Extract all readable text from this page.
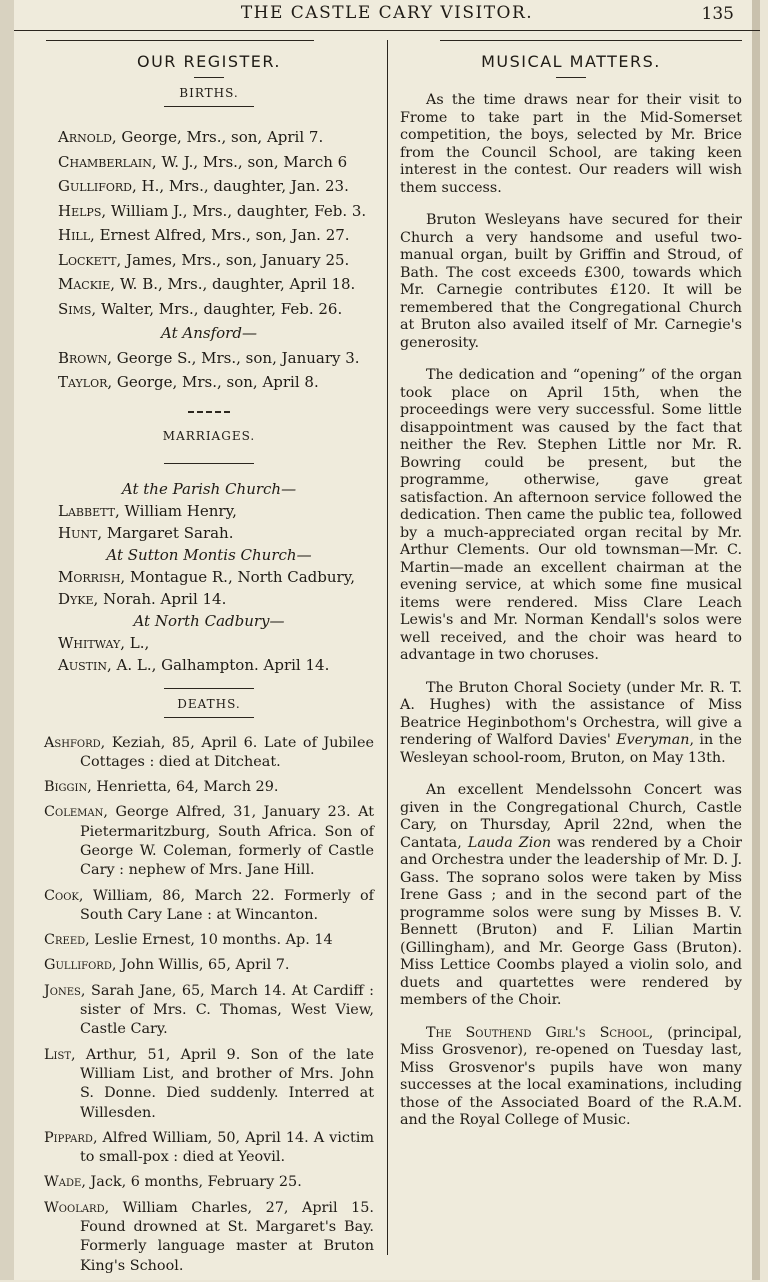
THE CASTLE CARY VISITOR.	135
OUR REGISTER.
BIRTHS.
Arnold, George, Mrs., son, April 7.
Chamberlain, W. J., Mrs., son, March 6
Gulliford, H., Mrs., daughter, Jan. 23.
Helps, William J., Mrs., daughter, Feb. 3.
Hill, Ernest Alfred, Mrs., son, Jan. 27.
Lockett, James, Mrs., son, January 25.
Mackie, W. B., Mrs., daughter, April 18.
Sims, Walter, Mrs., daughter, Feb. 26.
At Ansford—
Brown, George S., Mrs., son, January 3.
Taylor, George, Mrs., son, April 8.
MARRIAGES.
At the Parish Church—
Labbett, William Henry,
Hunt, Margaret Sarah.
At Sutton Montis Church—
Morrish, Montague R., North Cadbury,
Dyke, Norah. April 14.
At North Cadbury—
Whitway, L.,
Austin, A. L., Galhampton. April 14.
DEATHS.
Ashford, Keziah, 85, April 6. Late of Jubilee Cottages : died at Ditcheat.
Biggin, Henrietta, 64, March 29.
Coleman, George Alfred, 31, January 23. At Pietermaritzburg, South Africa. Son of George W. Coleman, formerly of Castle Cary : nephew of Mrs. Jane Hill.
Cook, William, 86, March 22. Formerly of South Cary Lane : at Wincanton.
Creed, Leslie Ernest, 10 months. Ap. 14
Gulliford, John Willis, 65, April 7.
Jones, Sarah Jane, 65, March 14. At Cardiff : sister of Mrs. C. Thomas, West View, Castle Cary.
List, Arthur, 51, April 9. Son of the late William List, and brother of Mrs. John S. Donne. Died suddenly. Interred at Willesden.
Pippard, Alfred William, 50, April 14. A victim to small-pox : died at Yeovil.
Wade, Jack, 6 months, February 25.
Woolard, William Charles, 27, April 15. Found drowned at St. Margaret's Bay. Formerly language master at Bruton King's School.
MUSICAL MATTERS.

As the time draws near for their visit to Frome to take part in the Mid-Somerset competition, the boys, selected by Mr. Brice from the Council School, are taking keen interest in the contest. Our readers will wish them success.

Bruton Wesleyans have secured for their Church a very handsome and useful two-manual organ, built by Griffin and Stroud, of Bath. The cost exceeds £300, towards which Mr. Carnegie contributes £120. It will be remembered that the Congregational Church at Bruton also availed itself of Mr. Carnegie's generosity.

The dedication and “opening” of the organ took place on April 15th, when the proceedings were very successful. Some little disappointment was caused by the fact that neither the Rev. Stephen Little nor Mr. R. Bowring could be present, but the programme, otherwise, gave great satisfaction. An afternoon service followed the dedication. Then came the public tea, followed by a much-appreciated organ recital by Mr. Arthur Clements. Our old townsman—Mr. C. Martin—made an excellent chairman at the evening service, at which some fine musical items were rendered. Miss Clare Leach Lewis's and Mr. Norman Kendall's solos were well received, and the choir was heard to advantage in two choruses.

The Bruton Choral Society (under Mr. R. T. A. Hughes) with the assistance of Miss Beatrice Heginbothom's Orchestra, will give a rendering of Walford Davies' Everyman, in the Wesleyan school-room, Bruton, on May 13th.

An excellent Mendelssohn Concert was given in the Congregational Church, Castle Cary, on Thursday, April 22nd, when the Cantata, Lauda Zion was rendered by a Choir and Orchestra under the leadership of Mr. D. J. Gass. The soprano solos were taken by Miss Irene Gass ; and in the second part of the programme solos were sung by Misses B. V. Bennett (Bruton) and F. Lilian Martin (Gillingham), and Mr. George Gass (Bruton). Miss Lettice Coombs played a violin solo, and duets and quartettes were rendered by members of the Choir.

The Southend Girl's School, (principal, Miss Grosvenor), re-opened on Tuesday last, Miss Grosvenor's pupils have won many successes at the local examinations, including those of the Associated Board of the R.A.M. and the Royal College of Music.
